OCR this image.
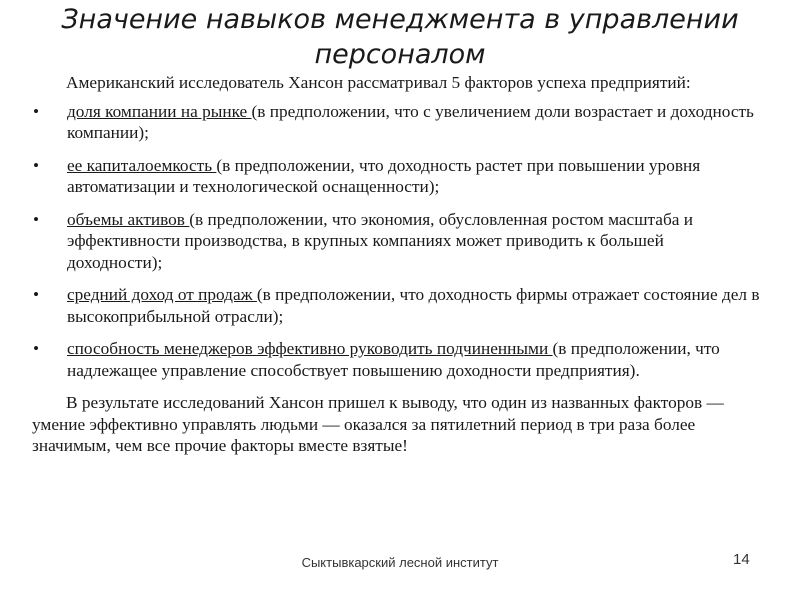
Значение навыков менеджмента в управлении
персоналом

Американский исследователь Хансон рассматривал 5 факторов успеха предприятий:

• доля компании на рынке (в предположении, что с увеличением доли возрастает и доходность компании);
• ее капиталоемкость (в предположении, что доходность растет при повышении уровня автоматизации и технологической оснащенности);
• объемы активов (в предположении, что экономия, обусловленная ростом масштаба и эффективности производства, в крупных компаниях может приводить к большей доходности);
• средний доход от продаж (в предположении, что доходность фирмы отражает состояние дел в высокоприбыльной отрасли);
• способность менеджеров эффективно руководить подчиненными (в предположении, что надлежащее управление способствует повышению доходности предприятия).

В результате исследований Хансон пришел к выводу, что один из названных факторов — умение эффективно управлять людьми — оказался за пятилетний период в три раза более значимым, чем все прочие факторы вместе взятые!

Сыктывкарский лесной институт	14
